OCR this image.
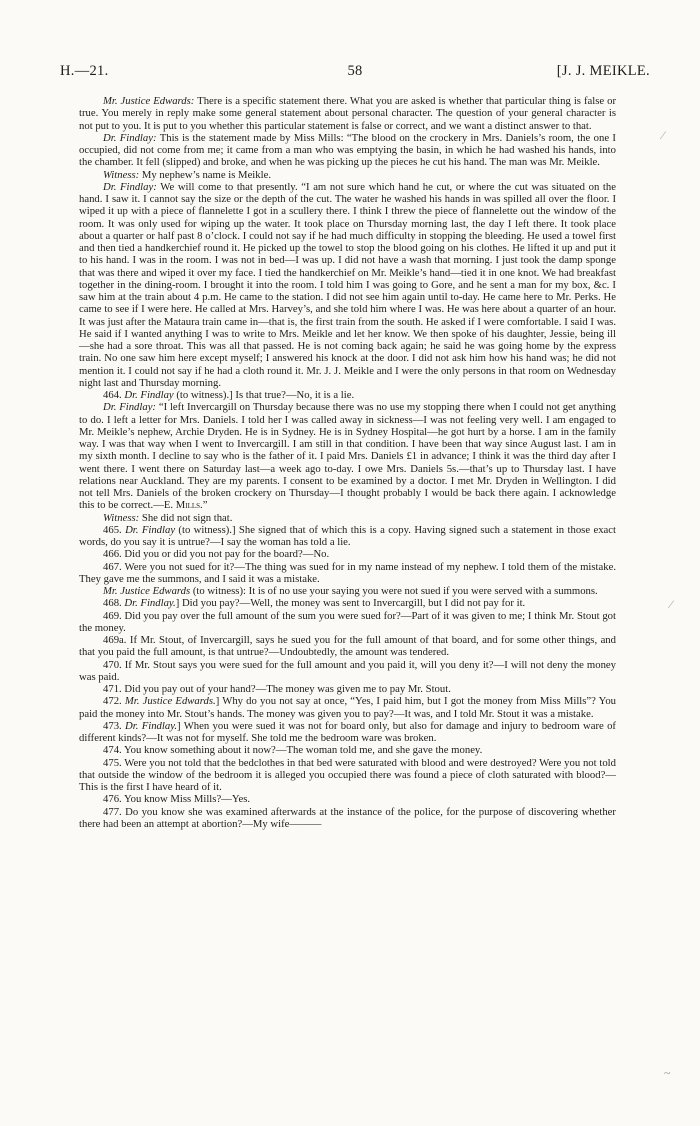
H.—21.	58	[J. J. MEIKLE.

Mr. Justice Edwards: There is a specific statement there. What you are asked is whether that particular thing is false or true. You merely in reply make some general statement about personal character. The question of your general character is not put to you. It is put to you whether this particular statement is false or correct, and we want a distinct answer to that.

Dr. Findlay: This is the statement made by Miss Mills: “The blood on the crockery in Mrs. Daniels’s room, the one I occupied, did not come from me; it came from a man who was emptying the basin, in which he had washed his hands, into the chamber. It fell (slipped) and broke, and when he was picking up the pieces he cut his hand. The man was Mr. Meikle.

Witness: My nephew’s name is Meikle.

Dr. Findlay: We will come to that presently. “I am not sure which hand he cut, or where the cut was situated on the hand. I saw it. I cannot say the size or the depth of the cut. The water he washed his hands in was spilled all over the floor. I wiped it up with a piece of flannelette I got in a scullery there. I think I threw the piece of flannelette out the window of the room. It was only used for wiping up the water. It took place on Thursday morning last, the day I left there. It took place about a quarter or half past 8 o’clock. I could not say if he had much difficulty in stopping the bleeding. He used a towel first and then tied a handkerchief round it. He picked up the towel to stop the blood going on his clothes. He lifted it up and put it to his hand. I was in the room. I was not in bed—I was up. I did not have a wash that morning. I just took the damp sponge that was there and wiped it over my face. I tied the handkerchief on Mr. Meikle’s hand—tied it in one knot. We had breakfast together in the dining-room. I brought it into the room. I told him I was going to Gore, and he sent a man for my box, &c. I saw him at the train about 4 p.m. He came to the station. I did not see him again until to-day. He came here to Mr. Perks. He came to see if I were here. He called at Mrs. Harvey’s, and she told him where I was. He was here about a quarter of an hour. It was just after the Mataura train came in—that is, the first train from the south. He asked if I were comfortable. I said I was. He said if I wanted anything I was to write to Mrs. Meikle and let her know. We then spoke of his daughter, Jessie, being ill—she had a sore throat. This was all that passed. He is not coming back again; he said he was going home by the express train. No one saw him here except myself; I answered his knock at the door. I did not ask him how his hand was; he did not mention it. I could not say if he had a cloth round it. Mr. J. J. Meikle and I were the only persons in that room on Wednesday night last and Thursday morning.

464. Dr. Findlay (to witness).] Is that true?—No, it is a lie.

Dr. Findlay: “I left Invercargill on Thursday because there was no use my stopping there when I could not get anything to do. I left a letter for Mrs. Daniels. I told her I was called away in sickness—I was not feeling very well. I am engaged to Mr. Meikle’s nephew, Archie Dryden. He is in Sydney. He is in Sydney Hospital—he got hurt by a horse. I am in the family way. I was that way when I went to Invercargill. I am still in that condition. I have been that way since August last. I am in my sixth month. I decline to say who is the father of it. I paid Mrs. Daniels £1 in advance; I think it was the third day after I went there. I went there on Saturday last—a week ago to-day. I owe Mrs. Daniels 5s.—that’s up to Thursday last. I have relations near Auckland. They are my parents. I consent to be examined by a doctor. I met Mr. Dryden in Wellington. I did not tell Mrs. Daniels of the broken crockery on Thursday—I thought probably I would be back there again. I acknowledge this to be correct.—E. Mills.”

Witness: She did not sign that.

465. Dr. Findlay (to witness).] She signed that of which this is a copy. Having signed such a statement in those exact words, do you say it is untrue?—I say the woman has told a lie.

466. Did you or did you not pay for the board?—No.

467. Were you not sued for it?—The thing was sued for in my name instead of my nephew. I told them of the mistake. They gave me the summons, and I said it was a mistake.

Mr. Justice Edwards (to witness): It is of no use your saying you were not sued if you were served with a summons.

468. Dr. Findlay.] Did you pay?—Well, the money was sent to Invercargill, but I did not pay for it.

469. Did you pay over the full amount of the sum you were sued for?—Part of it was given to me; I think Mr. Stout got the money.

469a. If Mr. Stout, of Invercargill, says he sued you for the full amount of that board, and for some other things, and that you paid the full amount, is that untrue?—Undoubtedly, the amount was tendered.

470. If Mr. Stout says you were sued for the full amount and you paid it, will you deny it?—I will not deny the money was paid.

471. Did you pay out of your hand?—The money was given me to pay Mr. Stout.

472. Mr. Justice Edwards.] Why do you not say at once, “Yes, I paid him, but I got the money from Miss Mills”? You paid the money into Mr. Stout’s hands. The money was given you to pay?—It was, and I told Mr. Stout it was a mistake.

473. Dr. Findlay.] When you were sued it was not for board only, but also for damage and injury to bedroom ware of different kinds?—It was not for myself. She told me the bedroom ware was broken.

474. You know something about it now?—The woman told me, and she gave the money.

475. Were you not told that the bedclothes in that bed were saturated with blood and were destroyed? Were you not told that outside the window of the bedroom it is alleged you occupied there was found a piece of cloth saturated with blood?—This is the first I have heard of it.

476. You know Miss Mills?—Yes.

477. Do you know she was examined afterwards at the instance of the police, for the purpose of discovering whether there had been an attempt at abortion?—My wife———

⁄
⁄
~
